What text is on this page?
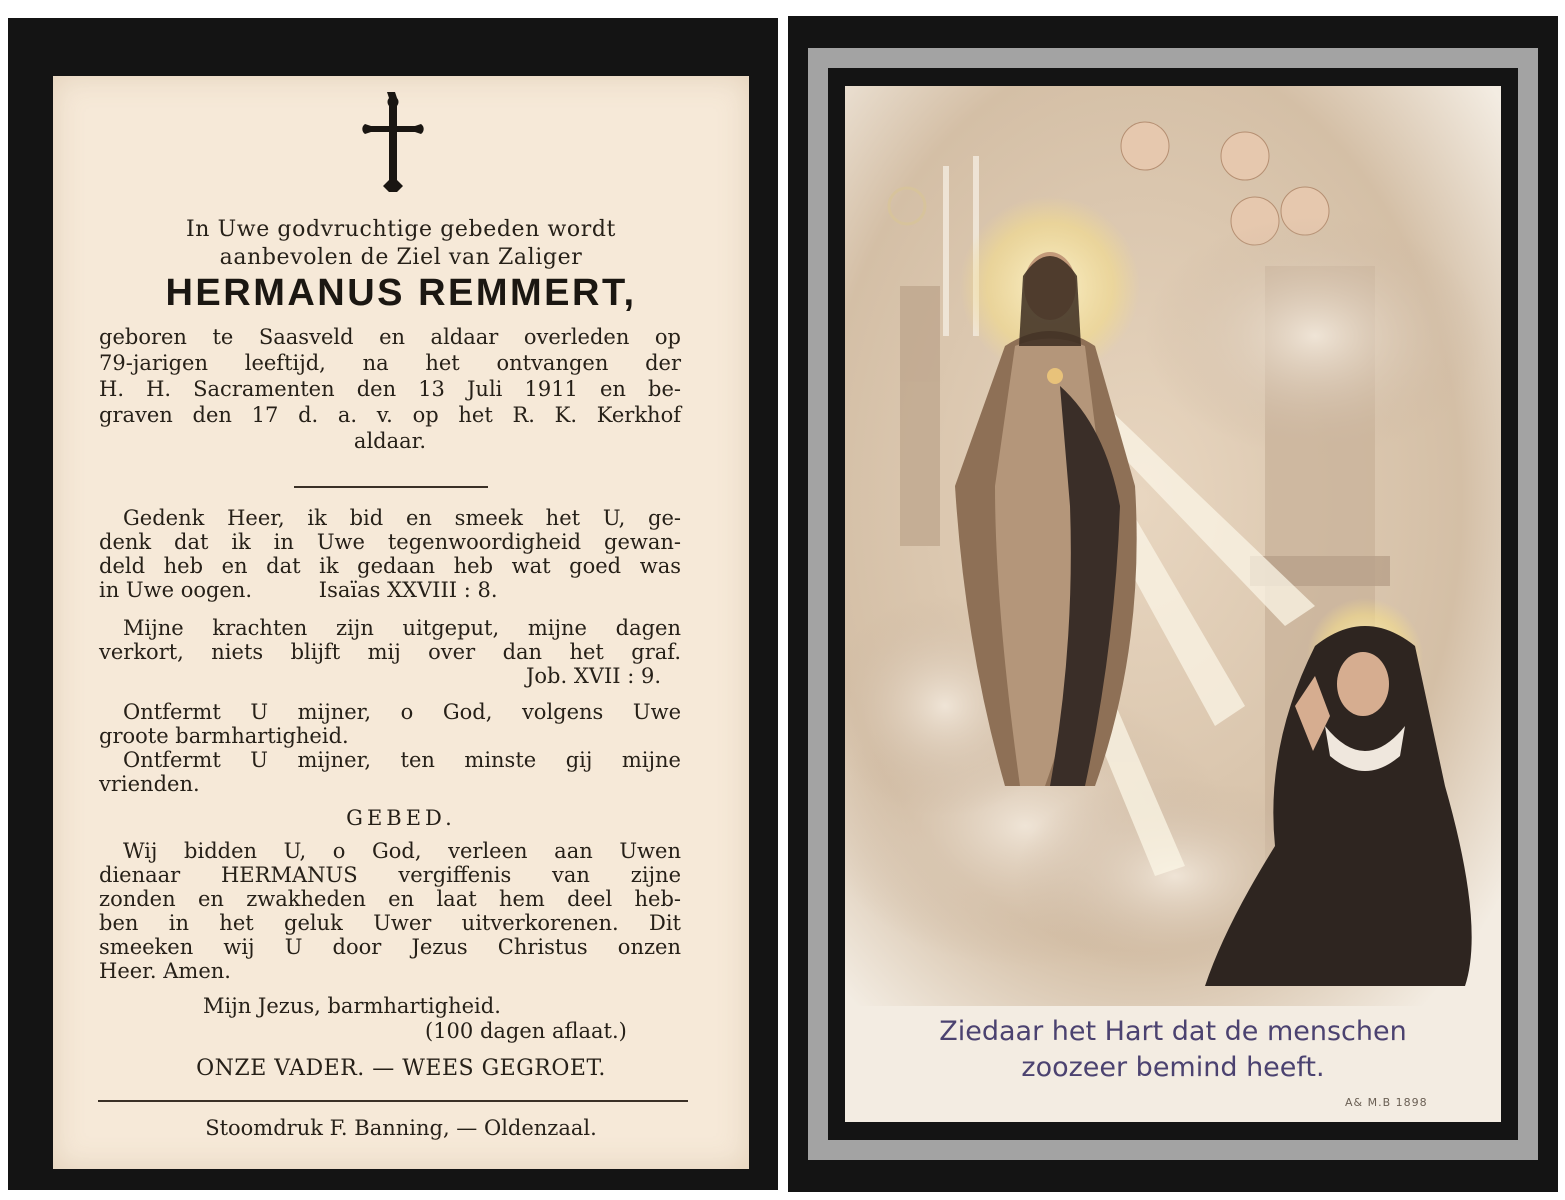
In Uwe godvruchtige gebeden wordt
aanbevolen de Ziel van Zaliger
HERMANUS REMMERT,
geboren te Saasveld en aldaar overleden op
79-jarigen leeftijd, na het ontvangen der
H. H. Sacramenten den 13 Juli 1911 en be-
graven den 17 d. a. v. op het R. K. Kerkhof
aldaar.
Gedenk Heer, ik bid en smeek het U, ge-
denk dat ik in Uwe tegenwoordigheid gewan-
deld heb en dat ik gedaan heb wat goed was
in Uwe oogen.          Isaïas XXVIII : 8.
Mijne krachten zijn uitgeput, mijne dagen
verkort, niets blijft mij over dan het graf.
Job. XVII : 9.
Ontfermt U mijner, o God, volgens Uwe
groote barmhartigheid.
Ontfermt U mijner, ten minste gij mijne
vrienden.
GEBED.
Wij bidden U, o God, verleen aan Uwen
dienaar HERMANUS vergiffenis van zijne
zonden en zwakheden en laat hem deel heb-
ben in het geluk Uwer uitverkorenen. Dit
smeeken wij U door Jezus Christus onzen
Heer. Amen.
Mijn Jezus, barmhartigheid.
(100 dagen aflaat.)
ONZE VADER. — WEES GEGROET.
Stoomdruk F. Banning, — Oldenzaal.
Ziedaar het Hart dat de menschen
zoozeer bemind heeft.
A& M.B 1898
